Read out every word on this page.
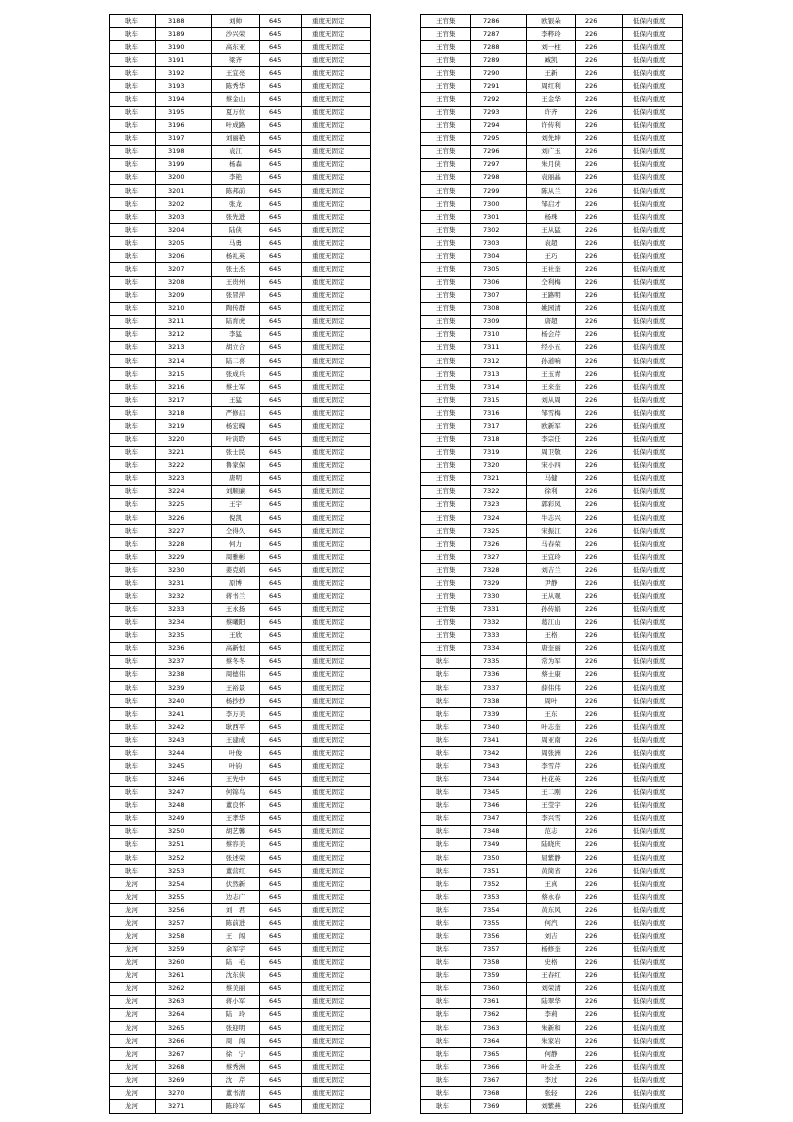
耿车	3188	刘帅	645	重度无固定
耿车	3189	沙兴荣	645	重度无固定
耿车	3190	高东亚	645	重度无固定
耿车	3191	梁齐	645	重度无固定
耿车	3192	王宜亮	645	重度无固定
耿车	3193	陈秀华	645	重度无固定
耿车	3194	蔡金山	645	重度无固定
耿车	3195	夏万位	645	重度无固定
耿车	3196	叶成路	645	重度无固定
耿车	3197	刘丽艳	645	重度无固定
耿车	3198	袁江	645	重度无固定
耿车	3199	杨森	645	重度无固定
耿车	3200	李艳	645	重度无固定
耿车	3201	陈邦前	645	重度无固定
耿车	3202	张龙	645	重度无固定
耿车	3203	张先进	645	重度无固定
耿车	3204	陆侠	645	重度无固定
耿车	3205	马勇	645	重度无固定
耿车	3206	杨礼英	645	重度无固定
耿车	3207	张士杰	645	重度无固定
耿车	3208	王贵州	645	重度无固定
耿车	3209	张冒萍	645	重度无固定
耿车	3210	陶传群	645	重度无固定
耿车	3211	陆育虎	645	重度无固定
耿车	3212	李猛	645	重度无固定
耿车	3213	胡立合	645	重度无固定
耿车	3214	陆二喜	645	重度无固定
耿车	3215	张成兵	645	重度无固定
耿车	3216	蔡士军	645	重度无固定
耿车	3217	王猛	645	重度无固定
耿车	3218	严修启	645	重度无固定
耿车	3219	杨宏魄	645	重度无固定
耿车	3220	叶寅聆	645	重度无固定
耿车	3221	张士民	645	重度无固定
耿车	3222	鲁家保	645	重度无固定
耿车	3223	唐明	645	重度无固定
耿车	3224	刘顺廉	645	重度无固定
耿车	3225	王宇	645	重度无固定
耿车	3226	倪凯	645	重度无固定
耿车	3227	仝得久	645	重度无固定
耿车	3228	何力	645	重度无固定
耿车	3229	周雅彬	645	重度无固定
耿车	3230	姜克娟	645	重度无固定
耿车	3231	原博	645	重度无固定
耿车	3232	蒋书兰	645	重度无固定
耿车	3233	王永扬	645	重度无固定
耿车	3234	蔡曦阳	645	重度无固定
耿车	3235	王欣	645	重度无固定
耿车	3236	高新恒	645	重度无固定
耿车	3237	蔡冬冬	645	重度无固定
耿车	3238	周德伟	645	重度无固定
耿车	3239	王裕景	645	重度无固定
耿车	3240	杨抄抄	645	重度无固定
耿车	3241	李万美	645	重度无固定
耿车	3242	耿西平	645	重度无固定
耿车	3243	王建成	645	重度无固定
耿车	3244	叶俊	645	重度无固定
耿车	3245	叶钧	645	重度无固定
耿车	3246	王先中	645	重度无固定
耿车	3247	何锦鸟	645	重度无固定
耿车	3248	董良怀	645	重度无固定
耿车	3249	王孝华	645	重度无固定
耿车	3250	胡艺馨	645	重度无固定
耿车	3251	蔡容美	645	重度无固定
耿车	3252	张述荣	645	重度无固定
耿车	3253	董营红	645	重度无固定
龙河	3254	伏然新	645	重度无固定
龙河	3255	边志广	645	重度无固定
龙河	3256	刘　君	645	重度无固定
龙河	3257	陈前进	645	重度无固定
龙河	3258	王　闯	645	重度无固定
龙河	3259	余军宇	645	重度无固定
龙河	3260	陆　毛	645	重度无固定
龙河	3261	沈东侠	645	重度无固定
龙河	3262	蔡美丽	645	重度无固定
龙河	3263	蒋小军	645	重度无固定
龙河	3264	陆　玲	645	重度无固定
龙河	3265	张迎明	645	重度无固定
龙河	3266	周　闯	645	重度无固定
龙河	3267	徐　宁	645	重度无固定
龙河	3268	蔡秀洲	645	重度无固定
龙河	3269	沈　芹	645	重度无固定
龙河	3270	董书清	645	重度无固定
龙河	3271	陈玲军	645	重度无固定
王官集	7286	欧银朵	226	低保内重度
王官集	7287	李粹玲	226	低保内重度
王官集	7288	刘一柱	226	低保内重度
王官集	7289	臧凯	226	低保内重度
王官集	7290	王新	226	低保内重度
王官集	7291	周红利	226	低保内重度
王官集	7292	王金华	226	低保内重度
王官集	7293	许齐	226	低保内重度
王官集	7294	许传利	226	低保内重度
王官集	7295	刘先坤	226	低保内重度
王官集	7296	刘广玉	226	低保内重度
王官集	7297	朱月侠	226	低保内重度
王官集	7298	袁丽晶	226	低保内重度
王官集	7299	陈从兰	226	低保内重度
王官集	7300	邹启才	226	低保内重度
王官集	7301	杨珠	226	低保内重度
王官集	7302	王从猛	226	低保内重度
王官集	7303	袁超	226	低保内重度
王官集	7304	王巧	226	低保内重度
王官集	7305	王社奎	226	低保内重度
王官集	7306	仝利梅	226	低保内重度
王官集	7307	王路明	226	低保内重度
王官集	7308	姚园清	226	低保内重度
王官集	7309	唐超	226	低保内重度
王官集	7310	杨会芹	226	低保内重度
王官集	7311	经小五	226	低保内重度
王官集	7312	孙道响	226	低保内重度
王官集	7313	王玉青	226	低保内重度
王官集	7314	王来奎	226	低保内重度
王官集	7315	刘从周	226	低保内重度
王官集	7316	邹雪梅	226	低保内重度
王官集	7317	欧新军	226	低保内重度
王官集	7318	李宗任	226	低保内重度
王官集	7319	周卫敬	226	低保内重度
王官集	7320	宋小四	226	低保内重度
王官集	7321	马健	226	低保内重度
王官集	7322	徐利	226	低保内重度
王官集	7323	郭彩凤	226	低保内重度
王官集	7324	牛志兴	226	低保内重度
王官集	7325	宋振江	226	低保内重度
王官集	7326	马春荣	226	低保内重度
王官集	7327	王宜玲	226	低保内重度
王官集	7328	刘吉兰	226	低保内重度
王官集	7329	尹静	226	低保内重度
王官集	7330	王从观	226	低保内重度
王官集	7331	孙传娟	226	低保内重度
王官集	7332	葛江山	226	低保内重度
王官集	7333	王格	226	低保内重度
王官集	7334	唐奎丽	226	低保内重度
耿车	7335	常为军	226	低保内重度
耿车	7336	蔡士康	226	低保内重度
耿车	7337	薛伟伟	226	低保内重度
耿车	7338	周叶	226	低保内重度
耿车	7339	王东	226	低保内重度
耿车	7340	叶志奎	226	低保内重度
耿车	7341	周亚南	226	低保内重度
耿车	7342	周张洲	226	低保内重度
耿车	7343	李雪芹	226	低保内重度
耿车	7344	杜花英	226	低保内重度
耿车	7345	王二刚	226	低保内重度
耿车	7346	王莹宇	226	低保内重度
耿车	7347	李兴雪	226	低保内重度
耿车	7348	范志	226	低保内重度
耿车	7349	陆晓庆	226	低保内重度
耿车	7350	屈紫静	226	低保内重度
耿车	7351	黄简省	226	低保内重度
耿车	7352	王真	226	低保内重度
耿车	7353	蔡永春	226	低保内重度
耿车	7354	黄东风	226	低保内重度
耿车	7355	何汽	226	低保内重度
耿车	7356	刘吉	226	低保内重度
耿车	7357	杨修奎	226	低保内重度
耿车	7358	史格	226	低保内重度
耿车	7359	王春红	226	低保内重度
耿车	7360	刘荣清	226	低保内重度
耿车	7361	陆翠华	226	低保内重度
耿车	7362	李莉	226	低保内重度
耿车	7363	朱新和	226	低保内重度
耿车	7364	朱家岩	226	低保内重度
耿车	7365	何静	226	低保内重度
耿车	7366	叶金圣	226	低保内重度
耿车	7367	李过	226	低保内重度
耿车	7368	张轻	226	低保内重度
耿车	7369	刘紫燕	226	低保内重度
